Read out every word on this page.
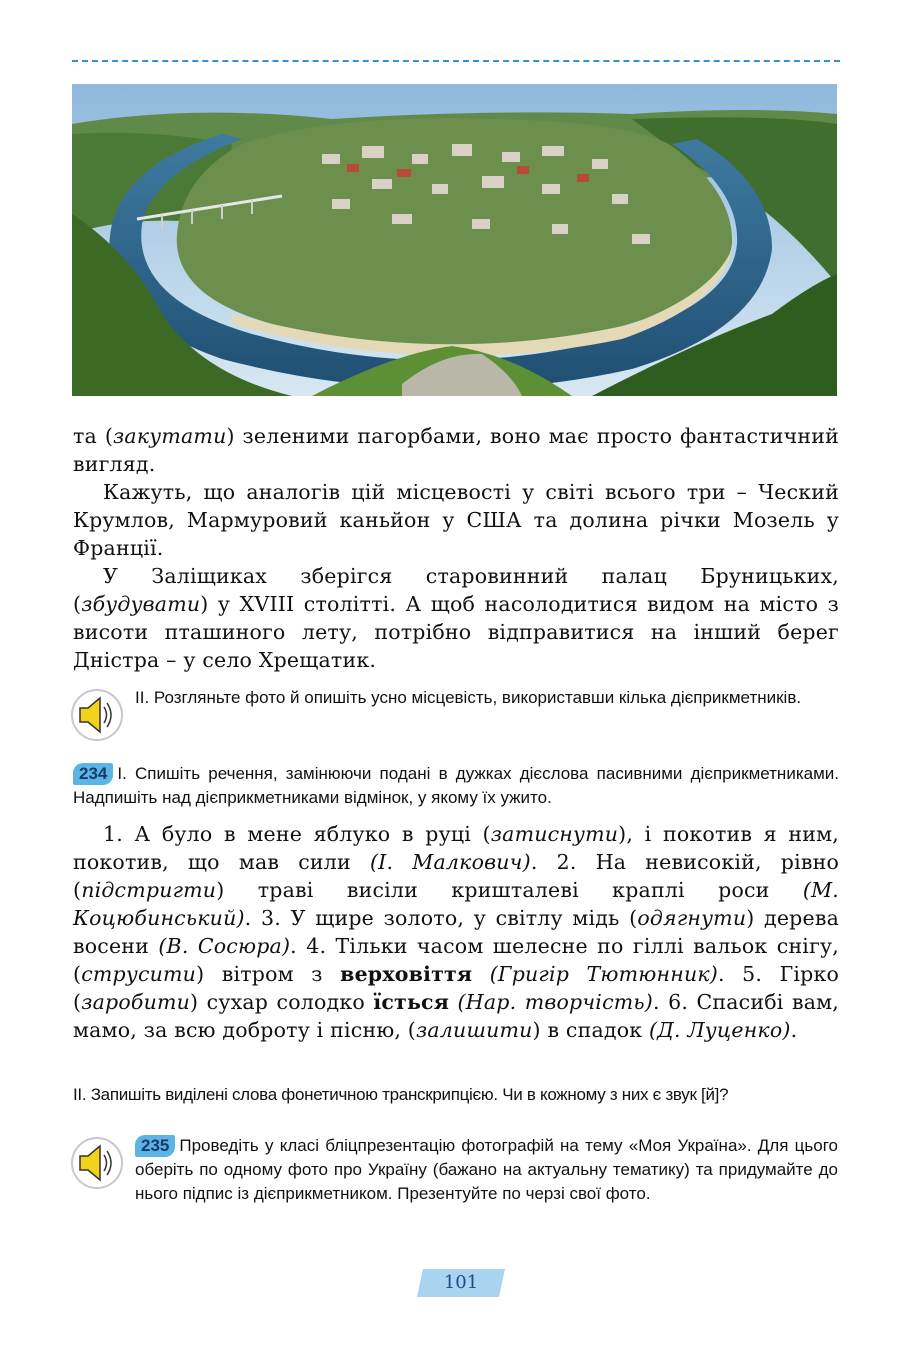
та (закутати) зеленими пагорбами, воно має просто фантастичний вигляд.

Кажуть, що аналогів цій місцевості у світі всього три – Ческий Крумлов, Мармуровий каньйон у США та долина річки Мозель у Франції.

У Заліщиках зберігся старовинний палац Бруницьких, (збудувати) у XVIII столітті. А щоб насолодитися видом на місто з висоти пташиного лету, потрібно відправитися на інший берег Дністра – у село Хрещатик.

II. Розгляньте фото й опишіть усно місцевість, використавши кілька дієприкметників.
234 I. Спишіть речення, замінюючи подані в дужках дієслова пасивними дієприкметниками. Надпишіть над дієприкметниками відмінок, у якому їх ужито.

1. А було в мене яблуко в руці (затиснути), і покотив я ним, покотив, що мав сили (І. Малкович). 2. На невисокій, рівно (підстригти) траві висіли кришталеві краплі роси (М. Коцюбинський). 3. У щире золото, у світлу мідь (одягнути) дерева восени (В. Сосюра). 4. Тільки часом шелесне по гіллі вальок снігу, (струсити) вітром з верховіття (Григір Тютюнник). 5. Гірко (заробити) сухар солодко їсться (Нар. творчість). 6. Спасибі вам, мамо, за всю доброту і пісню, (залишити) в спадок (Д. Луценко).

II. Запишіть виділені слова фонетичною транскрипцією. Чи в кожному з них є звук [й]?
235 Проведіть у класі бліцпрезентацію фотографій на тему «Моя Україна». Для цього оберіть по одному фото про Україну (бажано на актуальну тематику) та придумайте до нього підпис із дієприкметником. Презентуйте по черзі свої фото.
101
